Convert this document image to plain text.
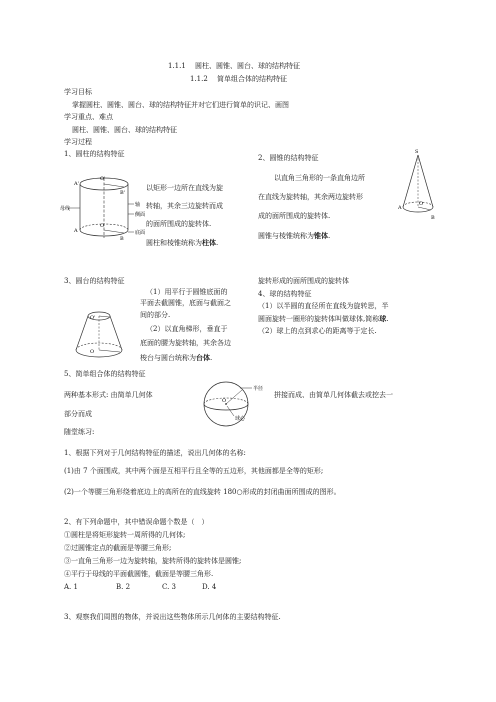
1.1.1　 圆柱、圆锥、圆台、球的结构特征
1.1.2　 简单组合体的结构特征
学习目标
掌握圆柱、圆锥、圆台、球的结构特征并对它们进行简单的识记、画图
学习重点、难点
圆柱、圆锥、圆台、球的结构特征
学习过程
1、圆柱的结构特征
母线
O'
O
A'
A
B'
B
轴
侧面
底面
以矩形一边所在直线为旋
转轴，其余三边旋转而成
的面所围成的旋转体.
圆柱和棱锥统称为柱体.
2、圆锥的结构特征
以直角三角形的一条直角边所
在直线为旋转轴，其余两边旋转形
成的面所围成的旋转体.
圆锥与棱锥统称为锥体.
S
A
B
O
3、圆台的结构特征
O'
O
（1）用平行于圆锥底面的
平面去截圆锥，底面与截面之
间的部分.
（2）以直角梯形，垂直于
底面的腰为旋转轴，其余各边
梭台与圆台统称为台体.
旋转形成的面所围成的旋转体
4、球的结构特征
（1）以半圆的直径所在直线为旋转思，半
圆面旋转一圈形的旋转体叫做球体,简称球.
（2）球上的点到求心的距离等于定长.
5、简单组合体的结构特征
两种基本形式: 由简单几何体	拼接而成、由简单几何体截去或挖去一
部分而成
半径
球心
O
随堂练习:
1、根据下列对于几何结构特征的描述，说出几何体的名称:
(1)由 7 个面围成，其中两个面是互相平行且全等的五边形，其他面都是全等的矩形;
(2)一个等腰三角形绕着底边上的高所在的直线旋转 180○形成的封闭曲面所围成的图形。
2、有下列命题中，其中错误命题个数是（　）
①圆柱是将矩形旋转一周所得的几何体;
②过圆锥定点的截面是等腰三角形;
③一直角三角形一边为旋转轴，旋转所得的旋转体是圆锥;
④平行于母线的平面截圆锥，截面是等腰三角形.
A. 1	B. 2	C. 3	D. 4
3、观察我们周围的物体，并说出这些物体所示几何体的主要结构特征.
